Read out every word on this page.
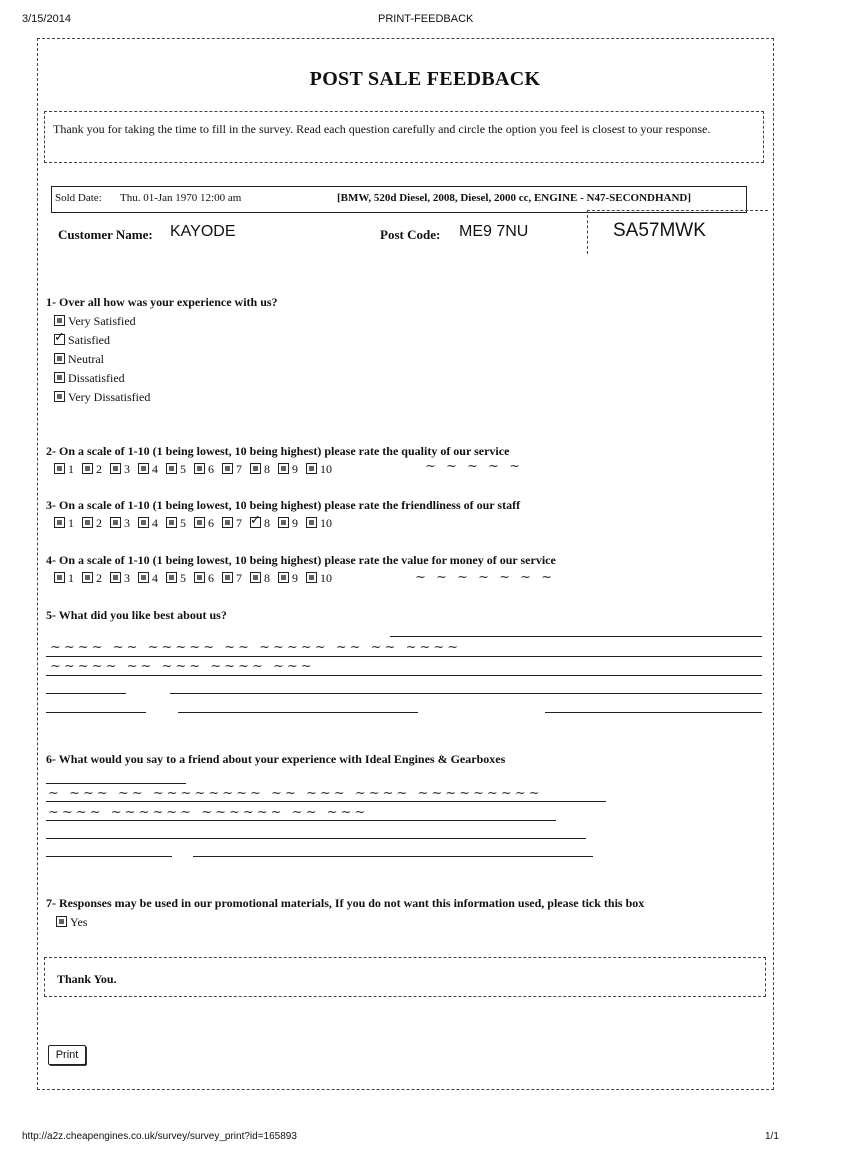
3/15/2014	PRINT-FEEDBACK
POST SALE FEEDBACK
Thank you for taking the time to fill in the survey. Read each question carefully and circle the option you feel is closest to your response.
Sold Date: Thu. 01-Jan 1970 12:00 am	[BMW, 520d Diesel, 2008, Diesel, 2000 cc, ENGINE - N47-SECONDHAND]
Customer Name: KAYODE	Post Code: ME9 7NU	SA57MWK
1- Over all how was your experience with us?
Very Satisfied
✓Satisfied
Neutral
Dissatisfied
Very Dissatisfied
2- On a scale of 1-10 (1 being lowest, 10 being highest) please rate the quality of our service
1 2 3 4 5 6 7 8 9 10	~ ~ ~ ~ ~
3- On a scale of 1-10 (1 being lowest, 10 being highest) please rate the friendliness of our staff
1 2 3 4 5 6 7✓ 8 9 10
4- On a scale of 1-10 (1 being lowest, 10 being highest) please rate the value for money of our service
1 2 3 4 5 6 7 8 9 10	~ ~ ~ ~ ~ ~ ~
5- What did you like best about us?
~~~~ ~~ ~~~~~ ~~ ~~~~~ ~~ ~~ ~~~~
~~~~~ ~~ ~~~ ~~~~ ~~~
6- What would you say to a friend about your experience with Ideal Engines & Gearboxes
~ ~~~ ~~ ~~~~~~~~ ~~ ~~~ ~~~~ ~~~~~~~~~
~~~~ ~~~~~~ ~~~~~~ ~~ ~~~
7- Responses may be used in our promotional materials, If you do not want this information used, please tick this box
Yes
Thank You.
Print
http://a2z.cheapengines.co.uk/survey/survey_print?id=165893	1/1
